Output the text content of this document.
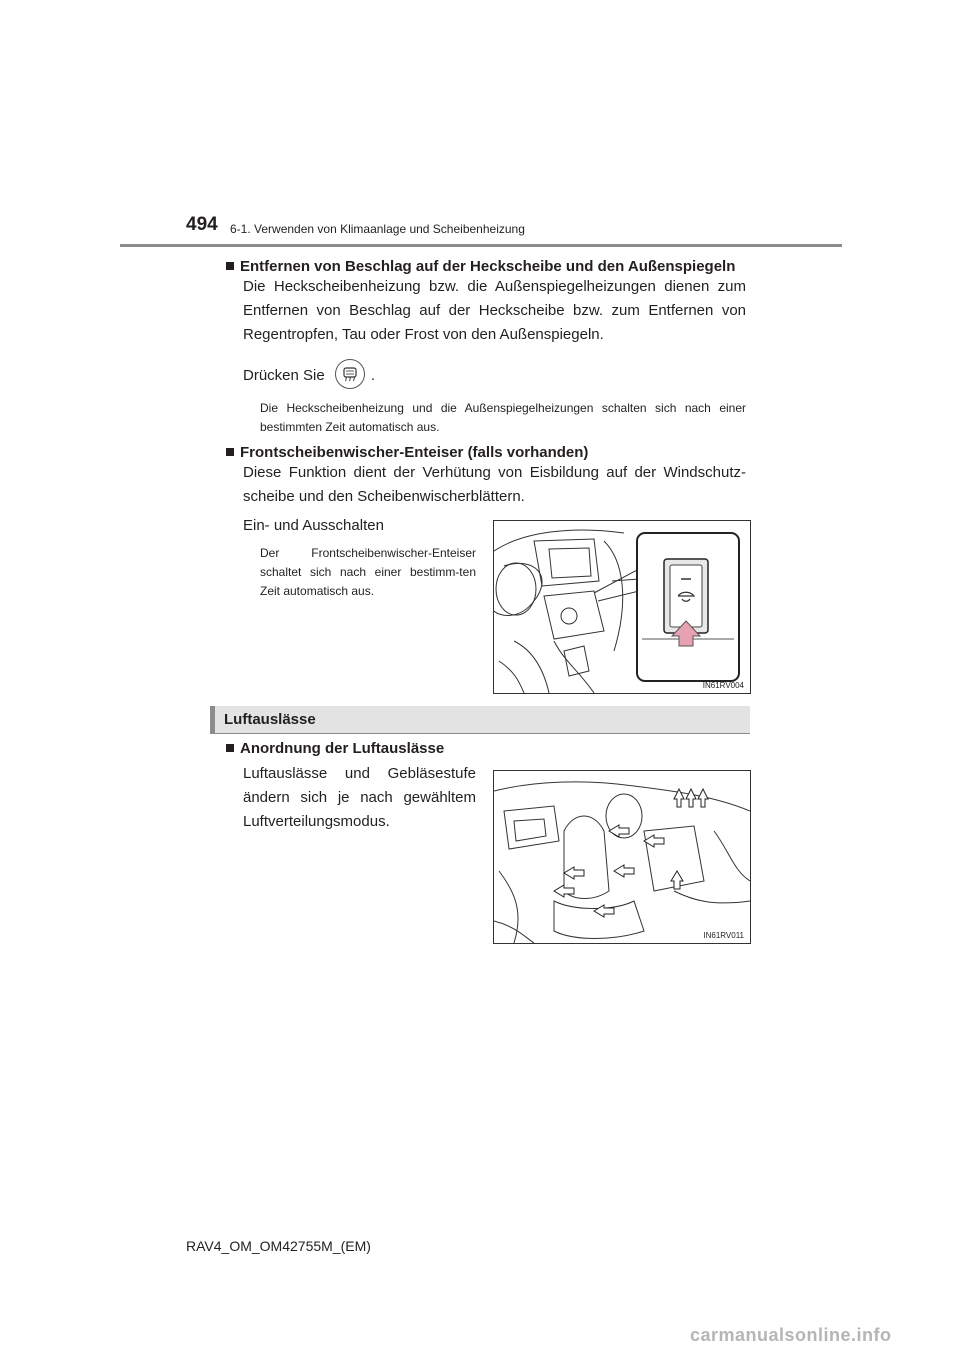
494 6-1. Verwenden von Klimaanlage und Scheibenheizung
Entfernen von Beschlag auf der Heckscheibe und den Außenspiegeln
Die Heckscheibenheizung bzw. die Außenspiegelheizungen dienen zum Entfernen von Beschlag auf der Heckscheibe bzw. zum Entfernen von Regentropfen, Tau oder Frost von den Außenspiegeln.
Drücken Sie	.
Die Heckscheibenheizung und die Außenspiegelheizungen schalten sich nach einer bestimmten Zeit automatisch aus.
Frontscheibenwischer-Enteiser (falls vorhanden)
Diese Funktion dient der Verhütung von Eisbildung auf der Windschutz-scheibe und den Scheibenwischerblättern.
Ein- und Ausschalten
Der Frontscheibenwischer-Enteiser schaltet sich nach einer bestimm-ten Zeit automatisch aus.
IN61RV004
Luftauslässe
Anordnung der Luftauslässe
Luftauslässe und Gebläsestufe ändern sich je nach gewähltem Luftverteilungsmodus.
IN61RV011
RAV4_OM_OM42755M_(EM)
carmanualsonline.info
